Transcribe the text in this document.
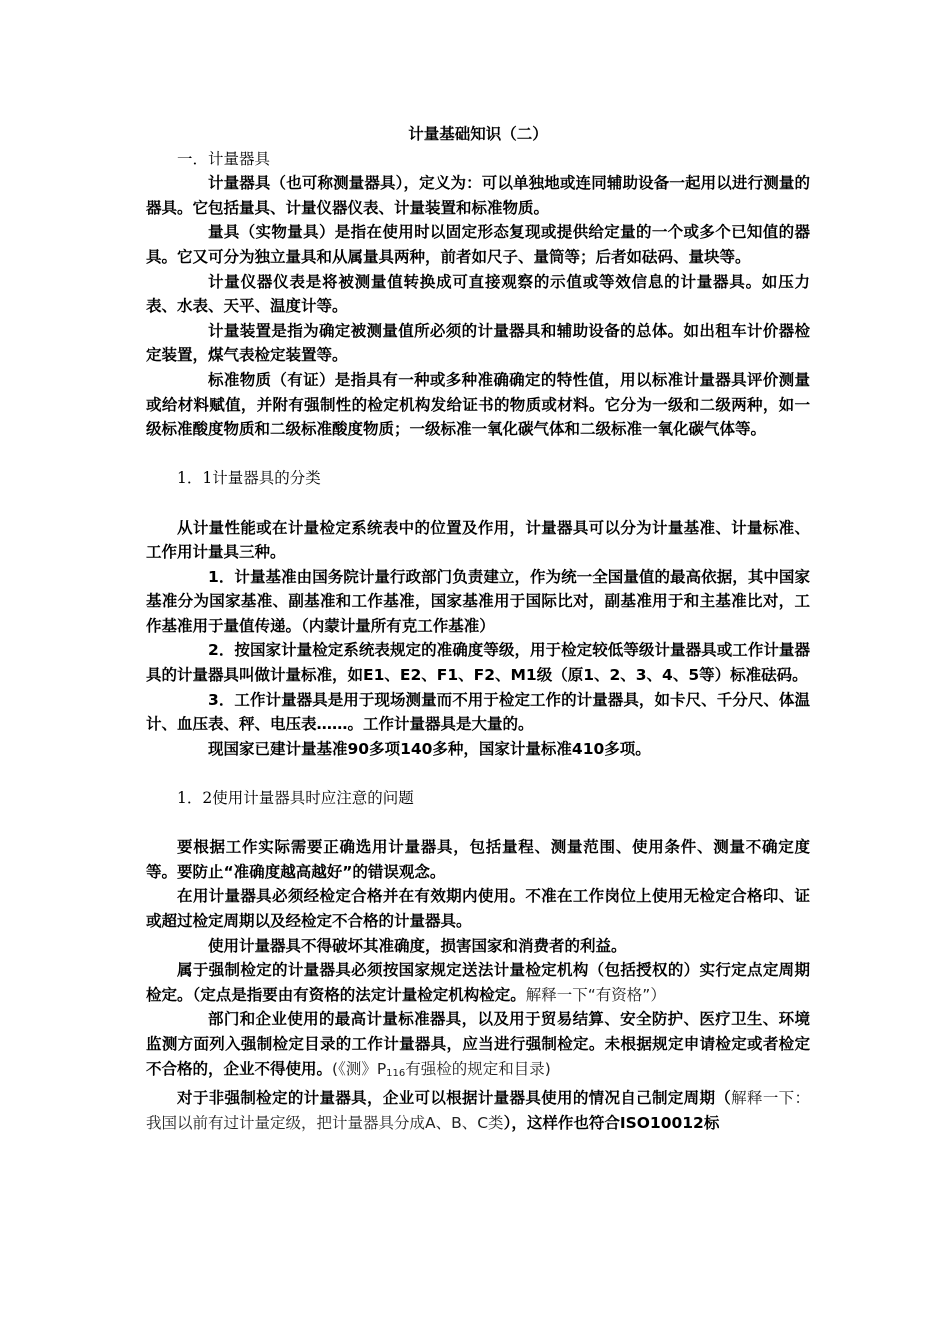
计量基础知识（二）

一．计量器具

计量器具（也可称测量器具），定义为：可以单独地或连同辅助设备一起用以进行测量的器具。它包括量具、计量仪器仪表、计量装置和标准物质。

量具（实物量具）是指在使用时以固定形态复现或提供给定量的一个或多个已知值的器具。它又可分为独立量具和从属量具两种，前者如尺子、量筒等；后者如砝码、量块等。

计量仪器仪表是将被测量值转换成可直接观察的示值或等效信息的计量器具。如压力表、水表、天平、温度计等。

计量装置是指为确定被测量值所必须的计量器具和辅助设备的总体。如出租车计价器检定装置，煤气表检定装置等。

标准物质（有证）是指具有一种或多种准确确定的特性值，用以标准计量器具评价测量或给材料赋值，并附有强制性的检定机构发给证书的物质或材料。它分为一级和二级两种，如一级标准酸度物质和二级标准酸度物质；一级标准一氧化碳气体和二级标准一氧化碳气体等。

1．1计量器具的分类

从计量性能或在计量检定系统表中的位置及作用，计量器具可以分为计量基准、计量标准、工作用计量具三种。

1．计量基准由国务院计量行政部门负责建立，作为统一全国量值的最高依据，其中国家基准分为国家基准、副基准和工作基准，国家基准用于国际比对，副基准用于和主基准比对，工作基准用于量值传递。（内蒙计量所有克工作基准）

2．按国家计量检定系统表规定的准确度等级，用于检定较低等级计量器具或工作计量器具的计量器具叫做计量标准，如E1、E2、F1、F2、M1级（原1、2、3、4、5等）标准砝码。

3．工作计量器具是用于现场测量而不用于检定工作的计量器具，如卡尺、千分尺、体温计、血压表、秤、电压表……。工作计量器具是大量的。

现国家已建计量基准90多项140多种，国家计量标准410多项。

1．2使用计量器具时应注意的问题

要根据工作实际需要正确选用计量器具，包括量程、测量范围、使用条件、测量不确定度等。要防止“准确度越高越好”的错误观念。

在用计量器具必须经检定合格并在有效期内使用。不准在工作岗位上使用无检定合格印、证或超过检定周期以及经检定不合格的计量器具。

使用计量器具不得破坏其准确度，损害国家和消费者的利益。

属于强制检定的计量器具必须按国家规定送法计量检定机构（包括授权的）实行定点定周期检定。（定点是指要由有资格的法定计量检定机构检定。解释一下“有资格”）

部门和企业使用的最高计量标准器具，以及用于贸易结算、安全防护、医疗卫生、环境监测方面列入强制检定目录的工作计量器具，应当进行强制检定。未根据规定申请检定或者检定不合格的，企业不得使用。(《测》$P_{116}$有强检的规定和目录)

对于非强制检定的计量器具，企业可以根据计量器具使用的情况自己制定周期（解释一下：我国以前有过计量定级，把计量器具分成A、B、C类），这样作也符合ISO10012标
